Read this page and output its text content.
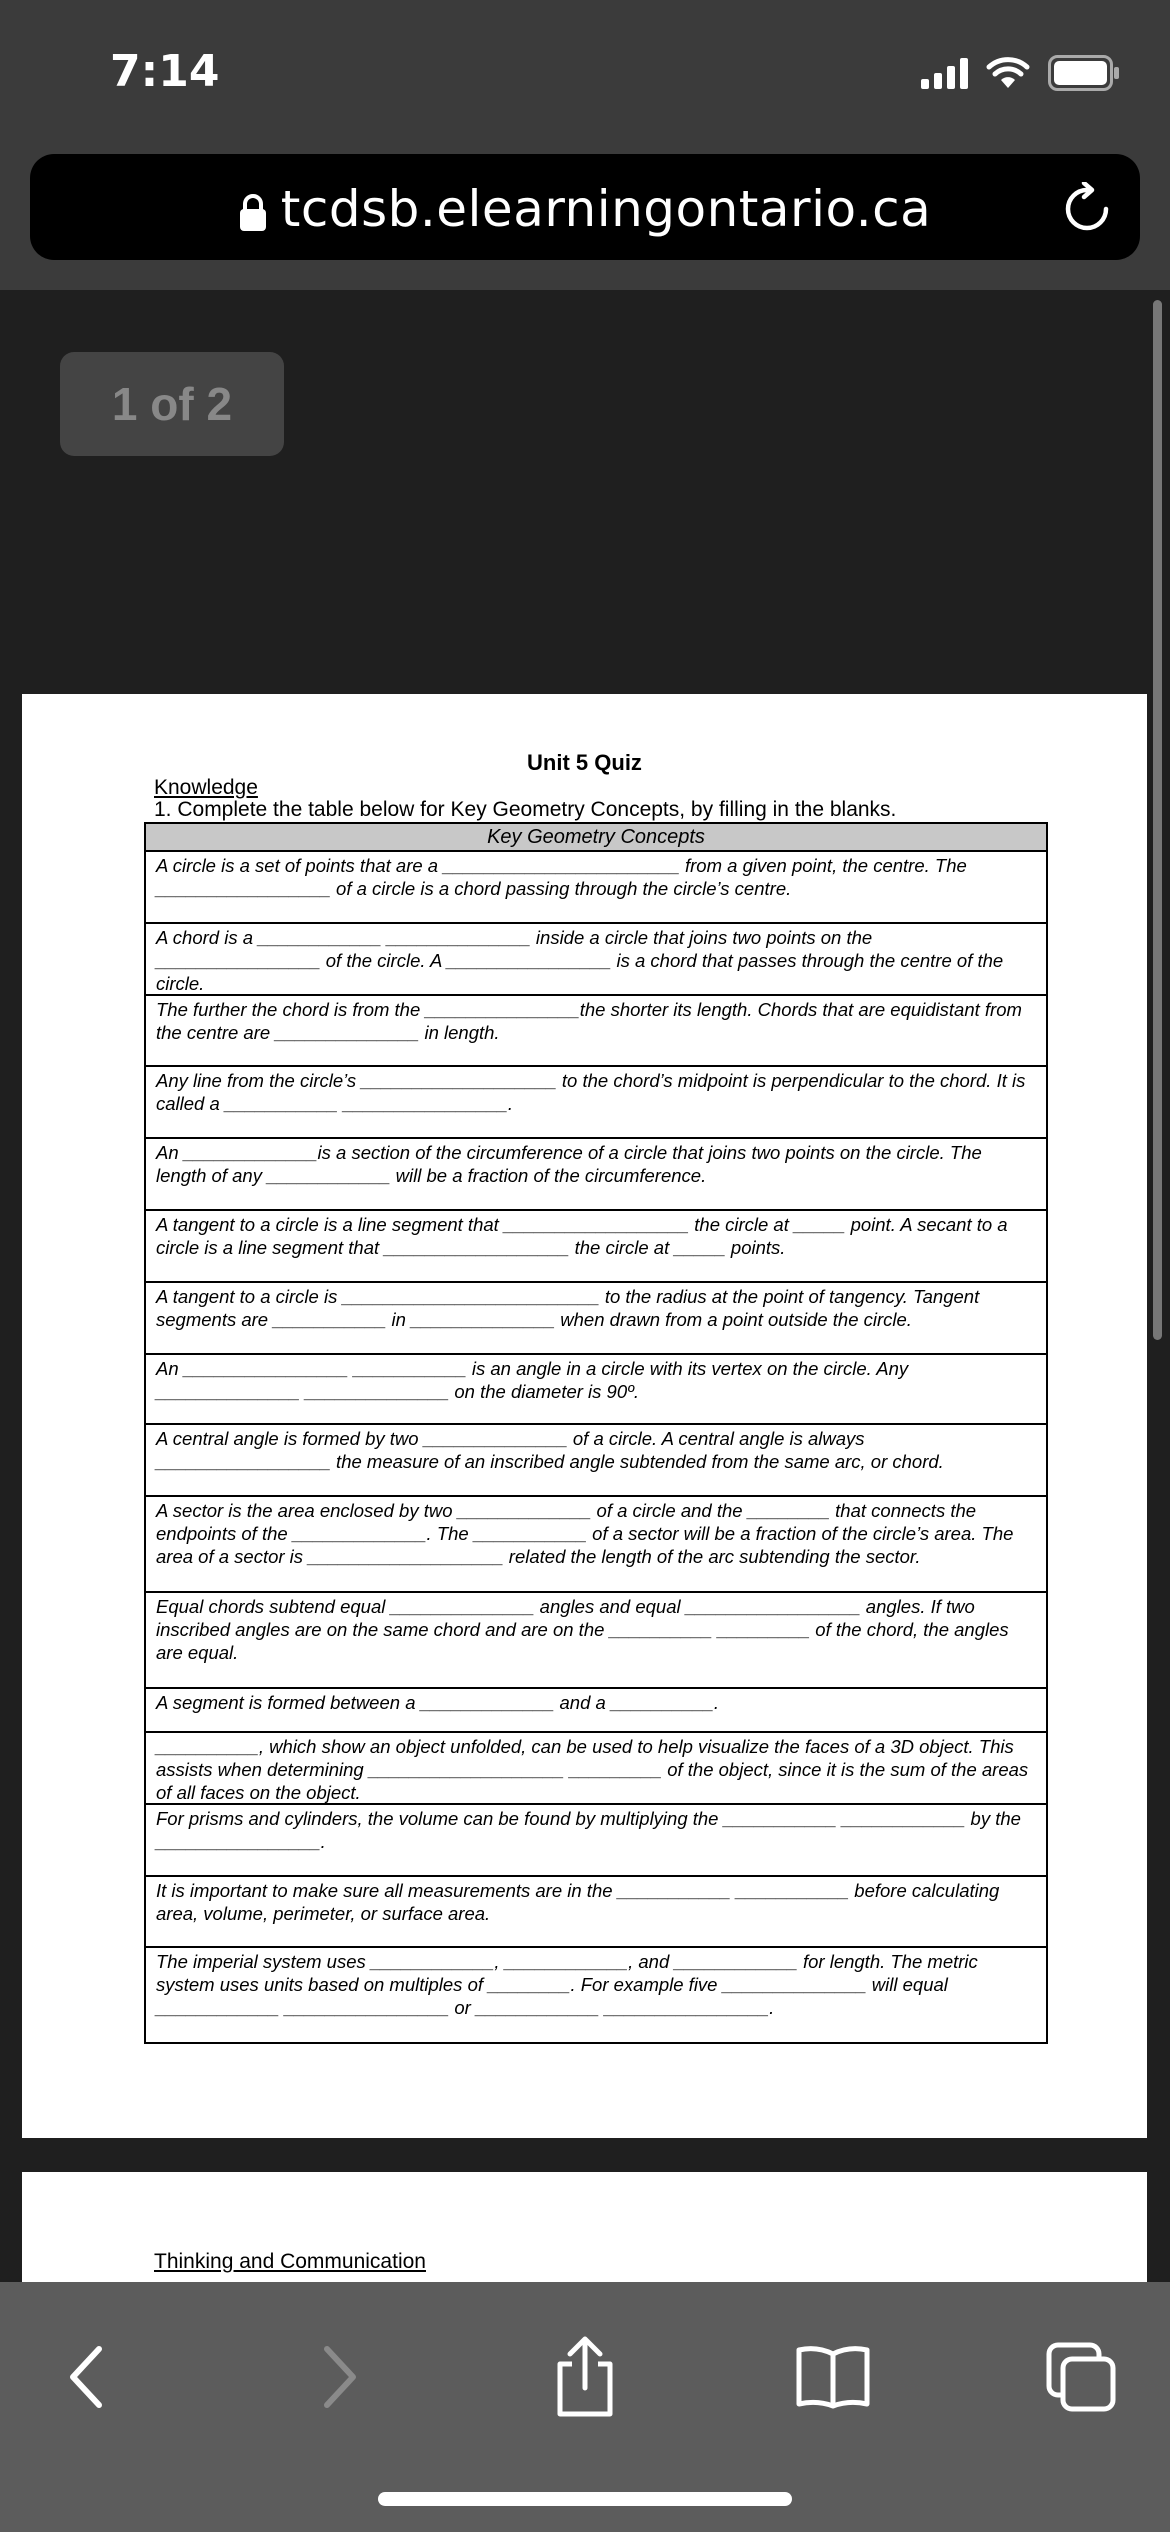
7:14
tcdsb.elearningontario.ca
1 of 2
Unit 5 Quiz
Knowledge
1. Complete the table below for Key Geometry Concepts, by filling in the blanks.
Key Geometry Concepts
A circle is a set of points that are a _______________________ from a given point, the centre. The _________________ of a circle is a chord passing through the circle’s centre.
A chord is a ____________ ______________ inside a circle that joins two points on the ________________ of the circle. A ________________ is a chord that passes through the centre of the circle.
The further the chord is from the _______________the shorter its length. Chords that are equidistant from the centre are ______________ in length.
Any line from the circle’s ___________________ to the chord’s midpoint is perpendicular to the chord. It is called a ___________ ________________.
An _____________is a section of the circumference of a circle that joins two points on the circle. The length of any ____________ will be a fraction of the circumference.
A tangent to a circle is a line segment that __________________ the circle at _____ point. A secant to a circle is a line segment that __________________ the circle at _____ points.
A tangent to a circle is _________________________ to the radius at the point of tangency. Tangent segments are ___________ in ______________ when drawn from a point outside the circle.
An ________________ ___________ is an angle in a circle with its vertex on the circle. Any ______________ ______________ on the diameter is 90º.
A central angle is formed by two ______________ of a circle. A central angle is always _________________ the measure of an inscribed angle subtended from the same arc, or chord.
A sector is the area enclosed by two _____________ of a circle and the ________ that connects the endpoints of the _____________. The ___________ of a sector will be a fraction of the circle’s area. The area of a sector is ___________________ related the length of the arc subtending the sector.
Equal chords subtend equal ______________ angles and equal _________________ angles. If two inscribed angles are on the same chord and are on the __________ _________ of the chord, the angles are equal.
A segment is formed between a _____________ and a __________.
__________, which show an object unfolded, can be used to help visualize the faces of a 3D object. This assists when determining ___________________ _________ of the object, since it is the sum of the areas of all faces on the object.
For prisms and cylinders, the volume can be found by multiplying the ___________ ____________ by the ________________.
It is important to make sure all measurements are in the ___________ ___________ before calculating area, volume, perimeter, or surface area.
The imperial system uses ____________, ____________, and ____________ for length. The metric system uses units based on multiples of ________. For example five ______________ will equal ____________ ________________ or ____________ ________________.
Thinking and Communication
